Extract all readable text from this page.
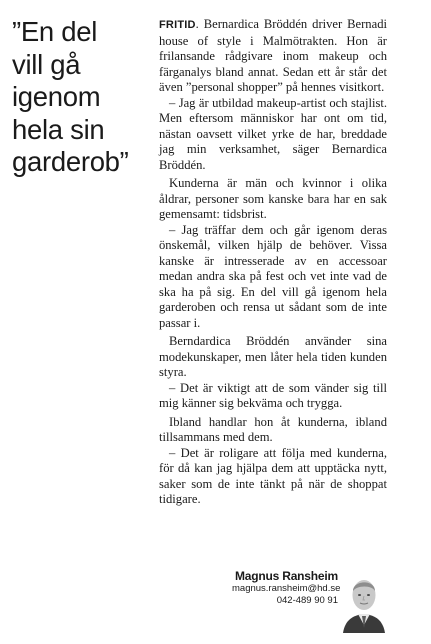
”En del
vill gå
igenom
hela sin
garderob”

FRITID. Bernardica Bröddén driver Bernadi house of style i Malmötrakten. Hon är frilansande rådgivare inom makeup och färganalys bland annat. Sedan ett år står det även ”personal shopper” på hennes visitkort.

– Jag är utbildad makeup-artist och stajlist. Men eftersom människor har ont om tid, nästan oavsett vilket yrke de har, breddade jag min verksamhet, säger Bernardica Bröddén.

Kunderna är män och kvinnor i olika åldrar, personer som kanske bara har en sak gemensamt: tidsbrist.

– Jag träffar dem och går igenom deras önskemål, vilken hjälp de behöver. Vissa kanske är intresserade av en accessoar medan andra ska på fest och vet inte vad de ska ha på sig. En del vill gå igenom hela garderoben och rensa ut sådant som de inte passar i.

Berndardica Bröddén använder sina modekunskaper, men låter hela tiden kunden styra.

– Det är viktigt att de som vänder sig till mig känner sig bekväma och trygga.

Ibland handlar hon åt kunderna, ibland tillsammans med dem.

– Det är roligare att följa med kunderna, för då kan jag hjälpa dem att upptäcka nytt, saker som de inte tänkt på när de shoppat tidigare.

Magnus Ransheim
magnus.ransheim@hd.se
042-489 90 91
